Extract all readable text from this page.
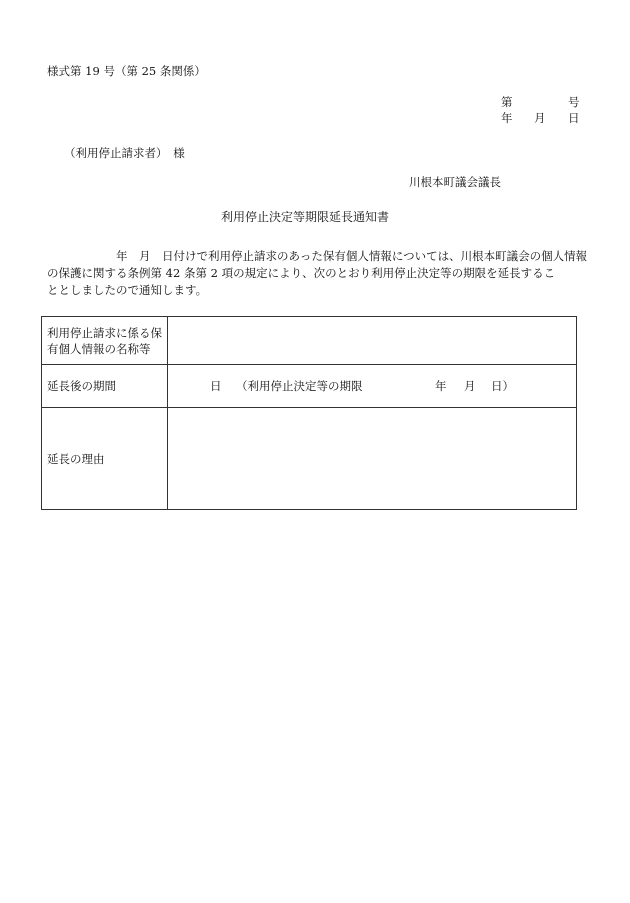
様式第 19 号（第 25 条関係）
第	号
年 月 日
（利用停止請求者）　様
川根本町議会議長
利用停止決定等期限延長通知書
　　　　　　年　月　日付けで利用停止請求のあった保有個人情報については、川根本町議会の個人情報
の保護に関する条例第 42 条第 2 項の規定により、次のとおり利用停止決定等の期限を延長するこ
ととしましたので通知します。
利用停止請求に係る保有個人情報の名称等	
延長後の期間	日 （利用停止決定等の期限 年 月 日）

延長の理由	
